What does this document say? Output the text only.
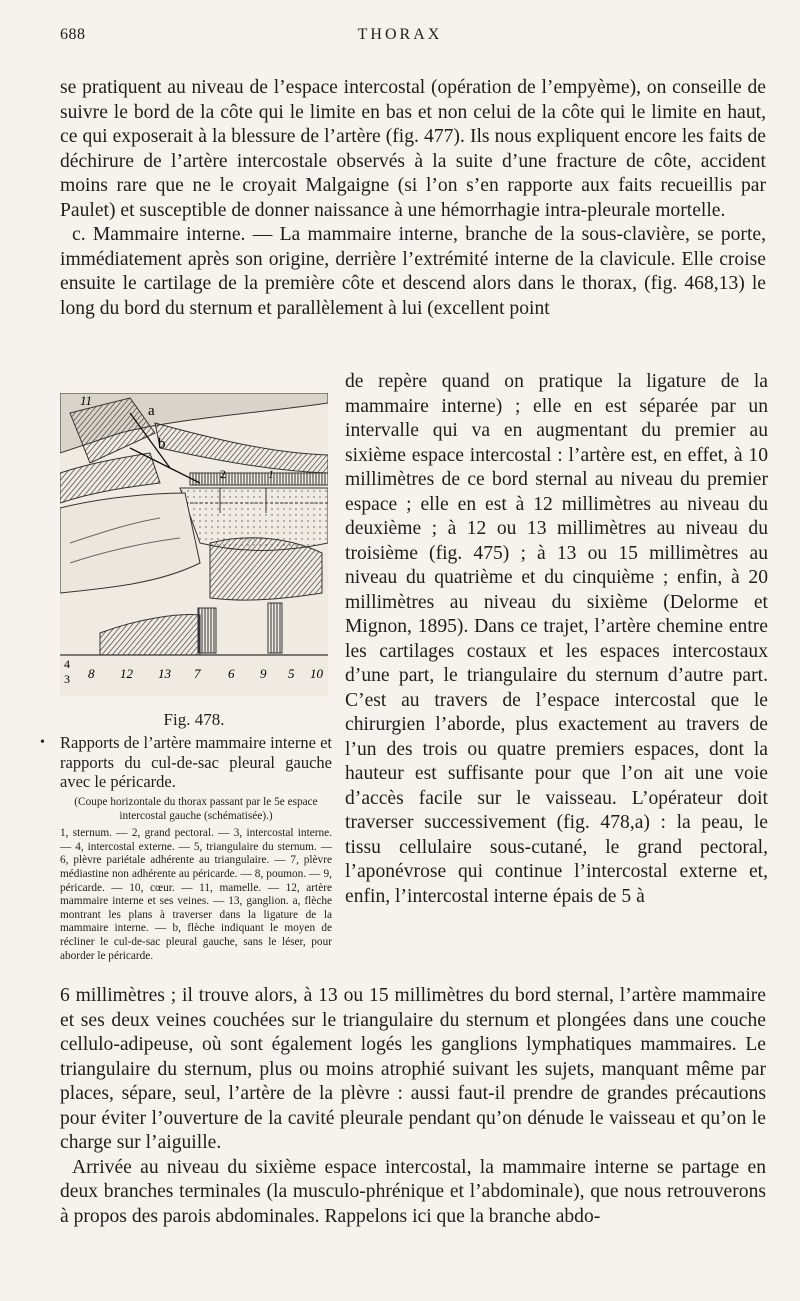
688	THORAX

se pratiquent au niveau de l’espace intercostal (opération de l’empyème), on conseille de suivre le bord de la côte qui le limite en bas et non celui de la côte qui le limite en haut, ce qui exposerait à la blessure de l’artère (fig. 477). Ils nous expliquent encore les faits de déchirure de l’artère intercostale observés à la suite d’une fracture de côte, accident moins rare que ne le croyait Malgaigne (si l’on s’en rapporte aux faits recueillis par Paulet) et susceptible de donner naissance à une hémorrhagie intra-pleurale mortelle.

c. Mammaire interne. — La mammaire interne, branche de la sous-clavière, se porte, immédiatement après son origine, derrière l’extrémité interne de la clavicule. Elle croise ensuite le cartilage de la première côte et descend alors dans le thorax, (fig. 468,13) le long du bord du sternum et parallèlement à lui (excellent point

11
a
b
2	1
4
3 8 12 13 7 6 9 5 10
Fig. 478.
• Rapports de l’artère mammaire interne et rapports du cul-de-sac pleural gauche avec le péricarde.
(Coupe horizontale du thorax passant par le 5e espace intercostal gauche (schématisée).)
1, sternum. — 2, grand pectoral. — 3, intercostal interne. — 4, intercostal externe. — 5, triangulaire du sternum. — 6, plèvre pariétale adhérente au triangulaire. — 7, plèvre médiastine non adhérente au péricarde. — 8, poumon. — 9, péricarde. — 10, cœur. — 11, mamelle. — 12, artère mammaire interne et ses veines. — 13, ganglion. a, flèche montrant les plans à traverser dans la ligature de la mammaire interne. — b, flèche indiquant le moyen de récliner le cul-de-sac pleural gauche, sans le léser, pour aborder le péricarde.

de repère quand on pratique la ligature de la mammaire interne) ; elle en est séparée par un intervalle qui va en augmentant du premier au sixième espace intercostal : l’artère est, en effet, à 10 millimètres de ce bord sternal au niveau du premier espace ; elle en est à 12 millimètres au niveau du deuxième ; à 12 ou 13 millimètres au niveau du troisième (fig. 475) ; à 13 ou 15 millimètres au niveau du quatrième et du cinquième ; enfin, à 20 millimètres au niveau du sixième (Delorme et Mignon, 1895). Dans ce trajet, l’artère chemine entre les cartilages costaux et les espaces intercostaux d’une part, le triangulaire du sternum d’autre part. C’est au travers de l’espace intercostal que le chirurgien l’aborde, plus exactement au travers de l’un des trois ou quatre premiers espaces, dont la hauteur est suffisante pour que l’on ait une voie d’accès facile sur le vaisseau. L’opérateur doit traverser successivement (fig. 478,a) : la peau, le tissu cellulaire sous-cutané, le grand pectoral, l’aponévrose qui continue l’intercostal externe et, enfin, l’intercostal interne épais de 5 à

6 millimètres ; il trouve alors, à 13 ou 15 millimètres du bord sternal, l’artère mammaire et ses deux veines couchées sur le triangulaire du sternum et plongées dans une couche cellulo-adipeuse, où sont également logés les ganglions lymphatiques mammaires. Le triangulaire du sternum, plus ou moins atrophié suivant les sujets, manquant même par places, sépare, seul, l’artère de la plèvre : aussi faut-il prendre de grandes précautions pour éviter l’ouverture de la cavité pleurale pendant qu’on dénude le vaisseau et qu’on le charge sur l’aiguille.

Arrivée au niveau du sixième espace intercostal, la mammaire interne se partage en deux branches terminales (la musculo-phrénique et l’abdominale), que nous retrouverons à propos des parois abdominales. Rappelons ici que la branche abdo-
